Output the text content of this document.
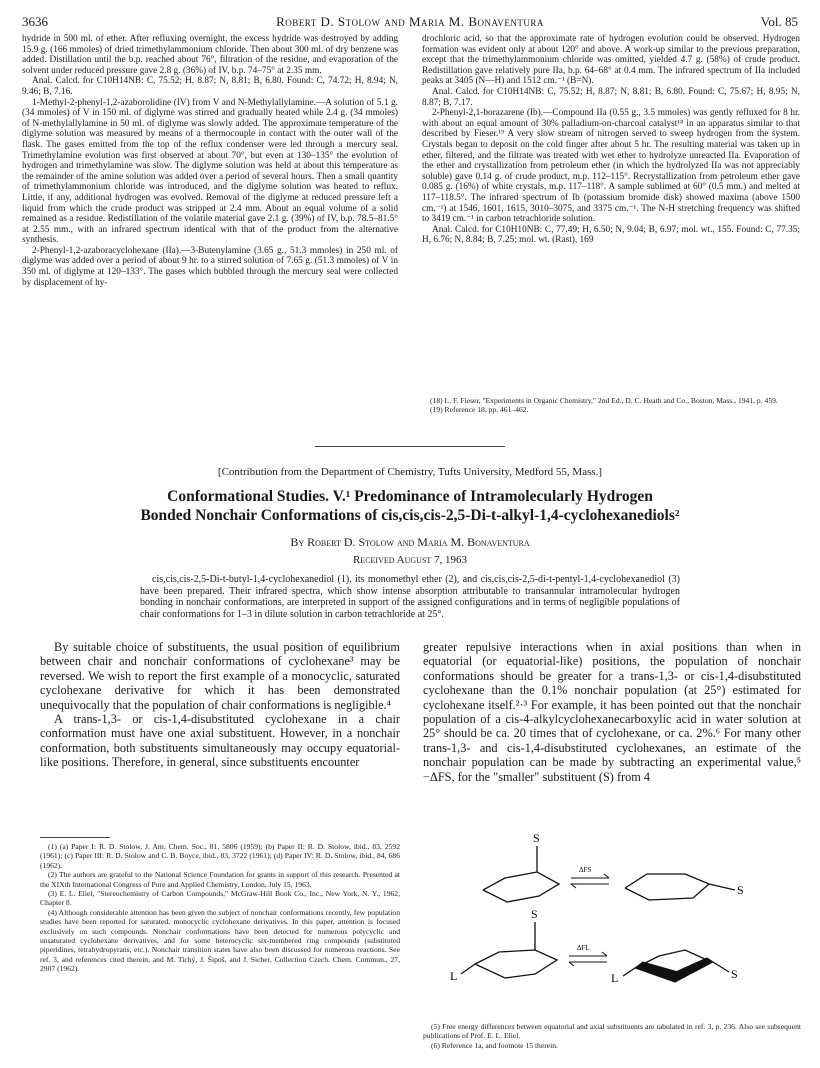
3636	Robert D. Stolow and Maria M. Bonaventura	Vol. 85

hydride in 500 ml. of ether. After refluxing overnight, the excess hydride was destroyed by adding 15.9 g. (166 mmoles) of dried trimethylammonium chloride. Then about 300 ml. of dry benzene was added. Distillation until the b.p. reached about 76°, filtration of the residue, and evaporation of the solvent under reduced pressure gave 2.8 g. (36%) of IV, b.p. 74–75° at 2.35 mm.

Anal. Calcd. for C10H14NB: C, 75.52; H, 8.87; N, 8.81; B, 6.80. Found: C, 74.72; H, 8.94; N, 9.46; B, 7.16.

1-Methyl-2-phenyl-1,2-azaborolidine (IV) from V and N-Methylallylamine.—A solution of 5.1 g. (34 mmoles) of V in 150 ml. of diglyme was stirred and gradually heated while 2.4 g. (34 mmoles) of N-methylallylamine in 50 ml. of diglyme was slowly added. The approximate temperature of the diglyme solution was measured by means of a thermocouple in contact with the outer wall of the flask. The gases emitted from the top of the reflux condenser were led through a mercury seal. Trimethylamine evolution was first observed at about 70°, but even at 130–135° the evolution of hydrogen and trimethylamine was slow. The diglyme solution was held at about this temperature as the remainder of the amine solution was added over a period of several hours. Then a small quantity of trimethylammonium chloride was introduced, and the diglyme solution was heated to reflux. Little, if any, additional hydrogen was evolved. Removal of the diglyme at reduced pressure left a liquid from which the crude product was stripped at 2.4 mm. About an equal volume of a solid remained as a residue. Redistillation of the volatile material gave 2.1 g. (39%) of IV, b.p. 78.5–81.5° at 2.55 mm., with an infrared spectrum identical with that of the product from the alternative synthesis.

2-Phenyl-1,2-azaboracyclohexane (IIa).—3-Butenylamine (3.65 g., 51.3 mmoles) in 250 ml. of diglyme was added over a period of about 9 hr. to a stirred solution of 7.65 g. (51.3 mmoles) of V in 350 ml. of diglyme at 120–133°. The gases which bubbled through the mercury seal were collected by displacement of hy-

drochloric acid, so that the approximate rate of hydrogen evolution could be observed. Hydrogen formation was evident only at about 120° and above. A work-up similar to the previous preparation, except that the trimethylammonium chloride was omitted, yielded 4.7 g. (58%) of crude product. Redistillation gave relatively pure IIa, b.p. 64–68° at 0.4 mm. The infrared spectrum of IIa included peaks at 3405 (N—H) and 1512 cm.⁻¹ (B=N).

Anal. Calcd. for C10H14NB: C, 75.52; H, 8.87; N, 8.81; B, 6.80. Found: C, 75.67; H, 8.95; N, 8.87; B, 7.17.

2-Phenyl-2,1-borazarene (Ib).—Compound IIa (0.55 g., 3.5 mmoles) was gently refluxed for 8 hr. with about an equal amount of 30% palladium-on-charcoal catalyst¹⁸ in an apparatus similar to that described by Fieser.¹⁹ A very slow stream of nitrogen served to sweep hydrogen from the system. Crystals began to deposit on the cold finger after about 5 hr. The resulting material was taken up in ether, filtered, and the filtrate was treated with wet ether to hydrolyze unreacted IIa. Evaporation of the ether and crystallization from petroleum ether (in which the hydrolyzed IIa was not appreciably soluble) gave 0.14 g. of crude product, m.p. 112–115°. Recrystallization from petroleum ether gave 0.085 g. (16%) of white crystals, m.p. 117–118°. A sample sublimed at 60° (0.5 mm.) and melted at 117–118.5°. The infrared spectrum of Ib (potassium bromide disk) showed maxima (above 1500 cm.⁻¹) at 1546, 1601, 1615, 3010–3075, and 3375 cm.⁻¹. The N-H stretching frequency was shifted to 3419 cm.⁻¹ in carbon tetrachloride solution.

Anal. Calcd. for C10H10NB: C, 77.49; H, 6.50; N, 9.04; B, 6.97; mol. wt., 155. Found: C, 77.35; H, 6.76; N, 8.84; B, 7.25; mol. wt. (Rast), 169

(18) L. F. Fieser, "Experiments in Organic Chemistry," 2nd Ed., D. C. Heath and Co., Boston, Mass., 1941, p. 459.

(19) Reference 18, pp. 461–462.

[Contribution from the Department of Chemistry, Tufts University, Medford 55, Mass.]
Conformational Studies. V.¹ Predominance of Intramolecularly Hydrogen
Bonded Nonchair Conformations of cis,cis,cis-2,5-Di-t-alkyl-1,4-cyclohexanediols²
By Robert D. Stolow and Maria M. Bonaventura
Received August 7, 1963
cis,cis,cis-2,5-Di-t-butyl-1,4-cyclohexanediol (1), its monomethyl ether (2), and cis,cis,cis-2,5-di-t-pentyl-1,4-cyclohexanediol (3) have been prepared. Their infrared spectra, which show intense absorption attributable to transannular intramolecular hydrogen bonding in nonchair conformations, are interpreted in support of the assigned configurations and in terms of negligible populations of chair conformations for 1–3 in dilute solution in carbon tetrachloride at 25°.

By suitable choice of substituents, the usual position of equilibrium between chair and nonchair conformations of cyclohexane³ may be reversed. We wish to report the first example of a monocyclic, saturated cyclohexane derivative for which it has been demonstrated unequivocally that the population of chair conformations is negligible.⁴

A trans-1,3- or cis-1,4-disubstituted cyclohexane in a chair conformation must have one axial substituent. However, in a nonchair conformation, both substituents simultaneously may occupy equatorial-like positions. Therefore, in general, since substituents encounter

greater repulsive interactions when in axial positions than when in equatorial (or equatorial-like) positions, the population of nonchair conformations should be greater for a trans-1,3- or cis-1,4-disubstituted cyclohexane than the 0.1% nonchair population (at 25°) estimated for cyclohexane itself.²·³ For example, it has been pointed out that the nonchair population of a cis-4-alkylcyclohexanecarboxylic acid in water solution at 25° should be ca. 20 times that of cyclohexane, or ca. 2%.⁶ For many other trans-1,3- and cis-1,4-disubstituted cyclohexanes, an estimate of the nonchair population can be made by subtracting an experimental value,⁵ −ΔFS, for the "smaller" substituent (S) from 4

(1) (a) Paper I: R. D. Stolow, J. Am. Chem. Soc., 81, 5806 (1959); (b) Paper II: R. D. Stolow, ibid., 83, 2592 (1961); (c) Paper III: R. D. Stolow and C. B. Boyce, ibid., 83, 3722 (1961); (d) Paper IV: R. D. Stolow, ibid., 84, 686 (1962).

(2) The authors are grateful to the National Science Foundation for grants in support of this research. Presented at the XIXth International Congress of Pure and Applied Chemistry, London, July 15, 1963.

(3) E. L. Eliel, "Stereochemistry of Carbon Compounds," McGraw-Hill Book Co., Inc., New York, N. Y., 1962, Chapter 8.

(4) Although considerable attention has been given the subject of nonchair conformations recently, few population studies have been reported for saturated, monocyclic cyclohexane derivatives. In this paper, attention is focused exclusively on such compounds. Nonchair conformations have been detected for numerous polycyclic and unsaturated cyclohexane derivatives, and for some heterocyclic six-membered ring compounds (substituted piperidines, tetrahydropyrans, etc.). Nonchair transition states have also been discussed for numerous reactions. See ref. 3, and references cited therein, and M. Tichý, J. Šipoš, and J. Sicher, Collection Czech. Chem. Commun., 27, 2907 (1962).

S
ΔFS
S
S
L
ΔFL
L	S

(5) Free energy differences between equatorial and axial substituents are tabulated in ref. 3, p. 236. Also see subsequent publications of Prof. E. L. Eliel.

(6) Reference 1a, and footnote 15 therein.
